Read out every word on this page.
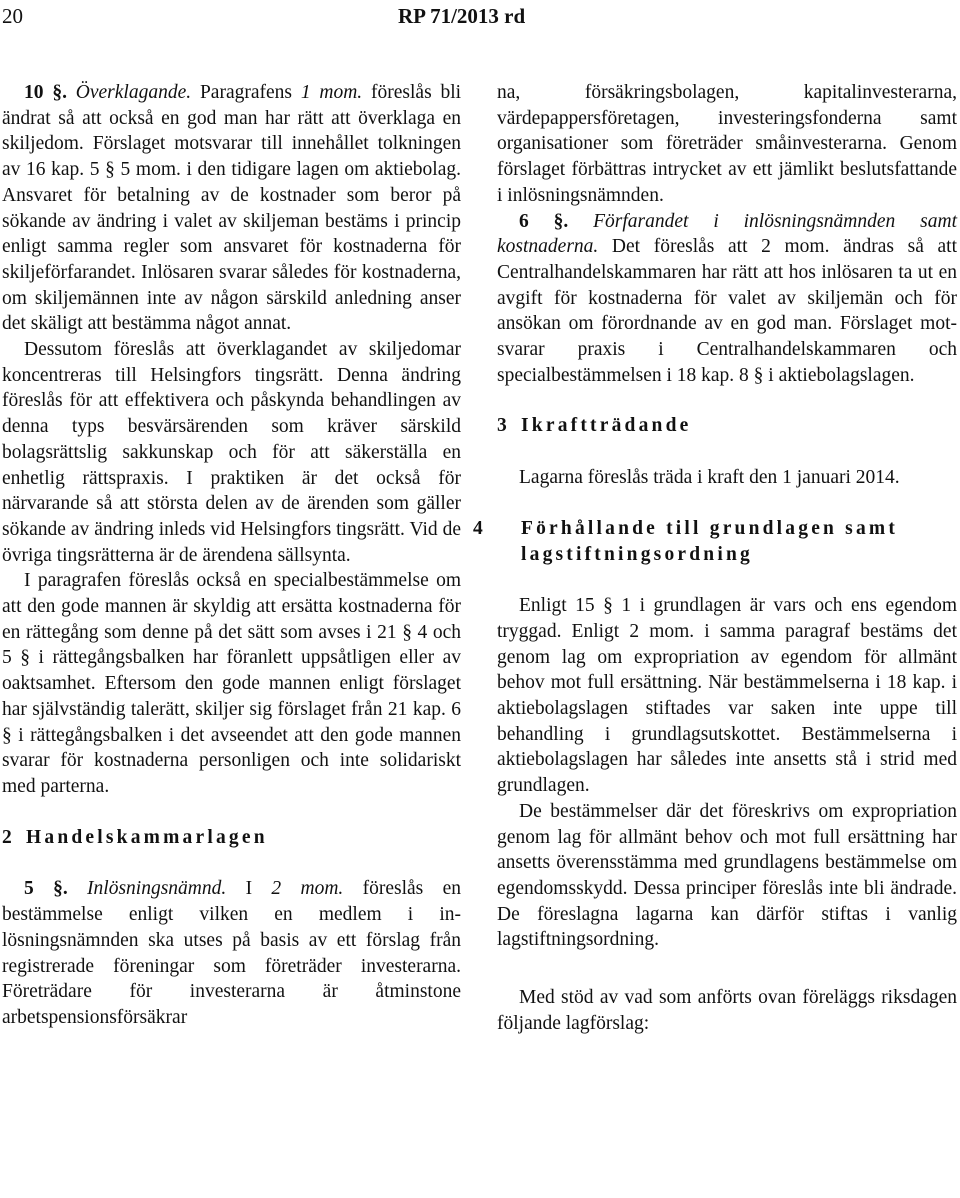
20	RP 71/2013 rd

10 §. Överklagande. Paragrafens 1 mom. föreslås bli ändrat så att också en god man har rätt att överklaga en skiljedom. Förslaget motsvarar till innehållet tolkningen av 16 kap. 5 § 5 mom. i den tidigare lagen om aktiebolag. Ansvaret för betalning av de kostnader som beror på sökande av ändring i valet av skiljeman bestäms i princip enligt samma regler som ansvaret för kostnaderna för skiljeförfarandet. Inlösaren svarar således för kostnaderna, om skiljemännen inte av någon särskild anledning anser det skäligt att bestämma något annat.

Dessutom föreslås att överklagandet av skiljedomar koncentreras till Helsingfors tingsrätt. Denna ändring föreslås för att effektivera och påskynda behandlingen av denna typs besvärsärenden som kräver särskild bolagsrättslig sakkunskap och för att säkerställa en enhetlig rättspraxis. I praktiken är det också för närvarande så att största delen av de ärenden som gäller sökande av ändring inleds vid Helsingfors tingsrätt. Vid de övriga tingsrätterna är de ärendena sällsynta.

I paragrafen föreslås också en specialbestämmelse om att den gode mannen är skyldig att ersätta kostnaderna för en rättegång som denne på det sätt som avses i 21 § 4 och 5 § i rättegångsbalken har föranlett uppsåtligen eller av oaktsamhet. Eftersom den gode mannen enligt förslaget har självständig talerätt, skiljer sig förslaget från 21 kap. 6 § i rättegångsbalken i det avseendet att den gode mannen svarar för kostnaderna personligen och inte solidariskt med parterna.

2 Handelskammarlagen

5 §. Inlösningsnämnd. I 2 mom. föreslås en bestämmelse enligt vilken en medlem i inlösningsnämnden ska utses på basis av ett förslag från registrerade föreningar som företräder investerarna. Företrädare för investerarna är åtminstone arbetspensionsförsäkrar

na, försäkringsbolagen, kapitalinvesterarna, värdepappersföretagen, investeringsfonderna samt organisationer som företräder småinvesterarna. Genom förslaget förbättras intrycket av ett jämlikt beslutsfattande i inlösningsnämnden.

6 §. Förfarandet i inlösningsnämnden samt kostnaderna. Det föreslås att 2 mom. ändras så att Centralhandelskammaren har rätt att hos inlösaren ta ut en avgift för kostnaderna för valet av skiljemän och för ansökan om förordnande av en god man. Förslaget motsvarar praxis i Centralhandelskammaren och specialbestämmelsen i 18 kap. 8 § i aktiebolagslagen.

3 Ikraftträdande

Lagarna föreslås träda i kraft den 1 januari 2014.

4 Förhållande till grundlagen samt lagstiftningsordning

Enligt 15 § 1 i grundlagen är vars och ens egendom tryggad. Enligt 2 mom. i samma paragraf bestäms det genom lag om expropriation av egendom för allmänt behov mot full ersättning. När bestämmelserna i 18 kap. i aktiebolagslagen stiftades var saken inte uppe till behandling i grundlagsutskottet. Bestämmelserna i aktiebolagslagen har således inte ansetts stå i strid med grundlagen.

De bestämmelser där det föreskrivs om expropriation genom lag för allmänt behov och mot full ersättning har ansetts överensstämma med grundlagens bestämmelse om egendomsskydd. Dessa principer föreslås inte bli ändrade. De föreslagna lagarna kan därför stiftas i vanlig lagstiftningsordning.

Med stöd av vad som anförts ovan föreläggs riksdagen följande lagförslag:
